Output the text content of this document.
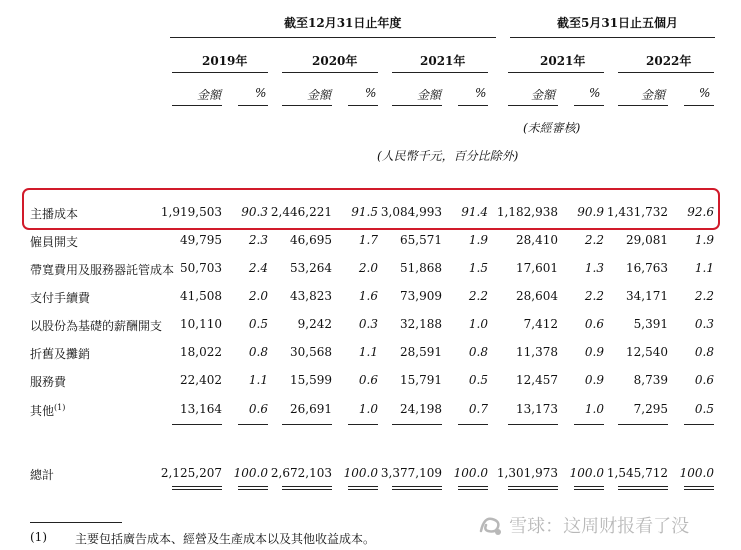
截至12月31日止年度	截至5月31日止五個月
2019年	2020年	2021年	2021年	2022年
金額	%	金額	%	金額	%	金額	%	金額	%
(未經審核)
(人民幣千元，百分比除外)
主播成本	1,919,503	90.3 2,446,221	91.5 3,084,993	91.4 1,182,938	90.9 1,431,732	92.6
僱員開支	49,795	2.3	46,695	1.7	65,571	1.9	28,410	2.2	29,081	1.9
帶寬費用及服務器託管成本 50,703	2.4	53,264	2.0	51,868	1.5	17,601	1.3	16,763	1.1
支付手續費	41,508	2.0	43,823	1.6	73,909	2.2	28,604	2.2	34,171	2.2
以股份為基礎的薪酬開支	10,110	0.5	9,242	0.3	32,188	1.0	7,412	0.6	5,391	0.3
折舊及攤銷	18,022	0.8	30,568	1.1	28,591	0.8	11,378	0.9	12,540	0.8
服務費	22,402	1.1	15,599	0.6	15,791	0.5	12,457	0.9	8,739	0.6
其他$^{(1)}$	13,164	0.6	26,691	1.0	24,198	0.7	13,173	1.0	7,295	0.5
總計	2,125,207 100.0 2,672,103 100.0 3,377,109 100.0 1,301,973 100.0 1,545,712 100.0
(1) 主要包括廣告成本、經營及生產成本以及其他收益成本。
雪球：这周财报看了没
